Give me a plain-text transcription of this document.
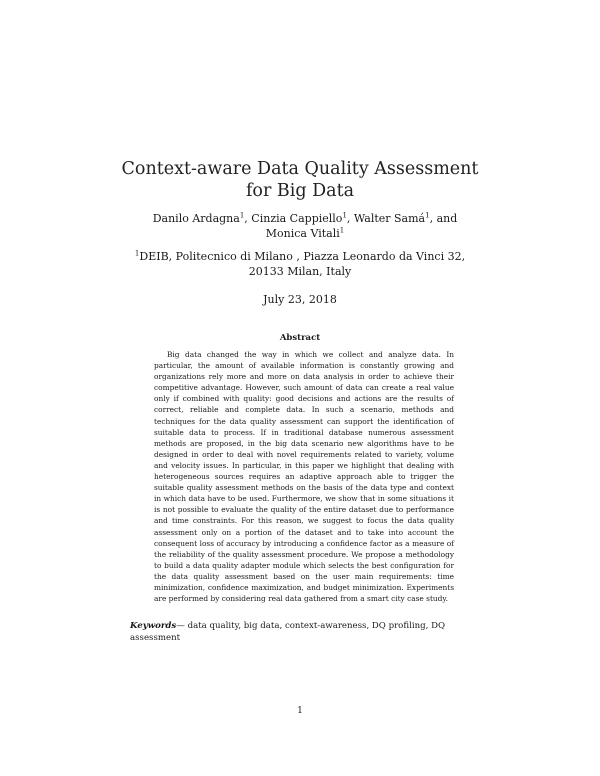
Context-aware Data Quality Assessment for Big Data
Danilo Ardagna$^1$, Cinzia Cappiello$^1$, Walter Samá$^1$, and Monica Vitali$^1$
$^1$DEIB, Politecnico di Milano , Piazza Leonardo da Vinci 32, 20133 Milan, Italy
July 23, 2018
Abstract

Big data changed the way in which we collect and analyze data. In particular, the amount of available information is constantly growing and organizations rely more and more on data analysis in order to achieve their competitive advantage. However, such amount of data can create a real value only if combined with quality: good decisions and actions are the results of correct, reliable and complete data. In such a scenario, methods and techniques for the data quality assessment can support the identification of suitable data to process. If in traditional database numerous assessment methods are proposed, in the big data scenario new algorithms have to be designed in order to deal with novel requirements related to variety, volume and velocity issues. In particular, in this paper we highlight that dealing with heterogeneous sources requires an adaptive approach able to trigger the suitable quality assessment methods on the basis of the data type and context in which data have to be used. Furthermore, we show that in some situations it is not possible to evaluate the quality of the entire dataset due to performance and time constraints. For this reason, we suggest to focus the data quality assessment only on a portion of the dataset and to take into account the consequent loss of accuracy by introducing a confidence factor as a measure of the reliability of the quality assessment procedure. We propose a methodology to build a data quality adapter module which selects the best configuration for the data quality assessment based on the user main requirements: time minimization, confidence maximization, and budget minimization. Experiments are performed by considering real data gathered from a smart city case study.

Keywords— data quality, big data, context-awareness, DQ profiling, DQ assessment
1
